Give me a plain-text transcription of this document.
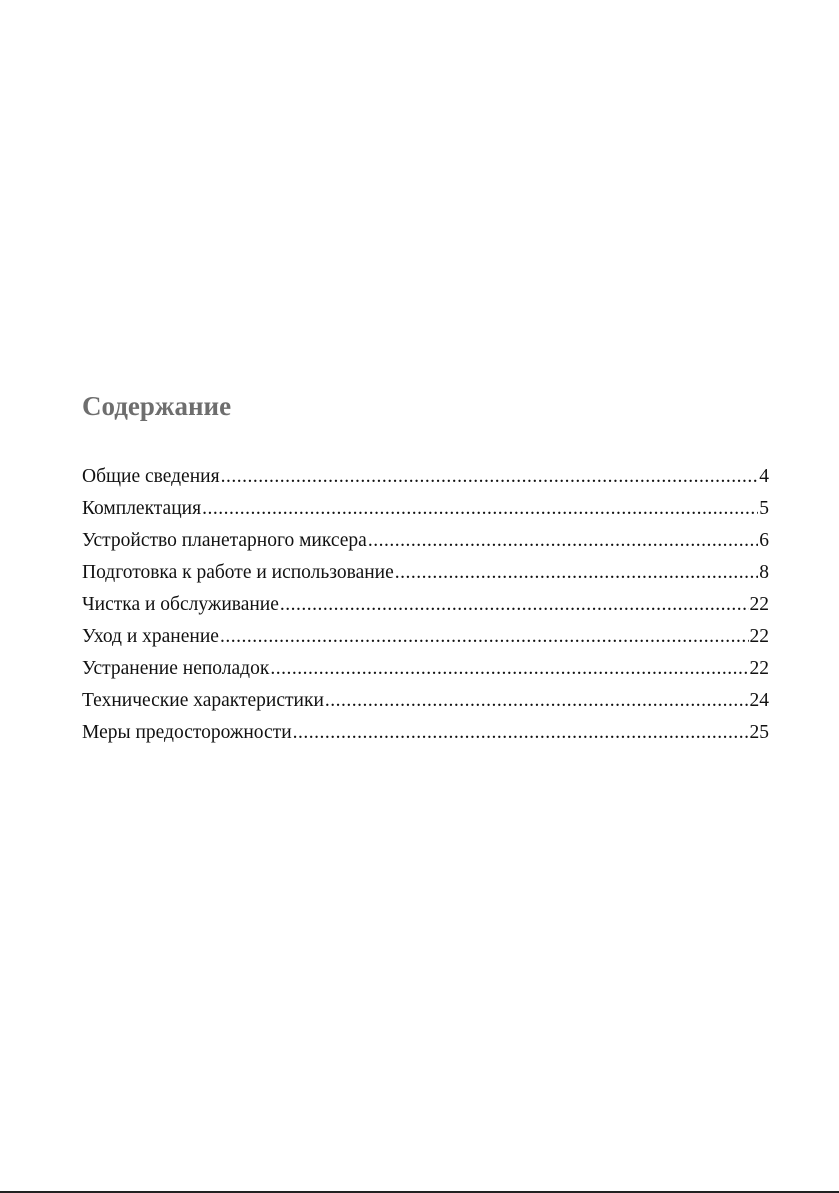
Содержание
Общие сведения .....	4
Комплектация .....	5
Устройство планетарного миксера .....	6
Подготовка к работе и использование .....	8
Чистка и обслуживание .....	22
Уход и хранение .....	22
Устранение неполадок .....	22
Технические характеристики .....	24
Меры предосторожности .....	25
